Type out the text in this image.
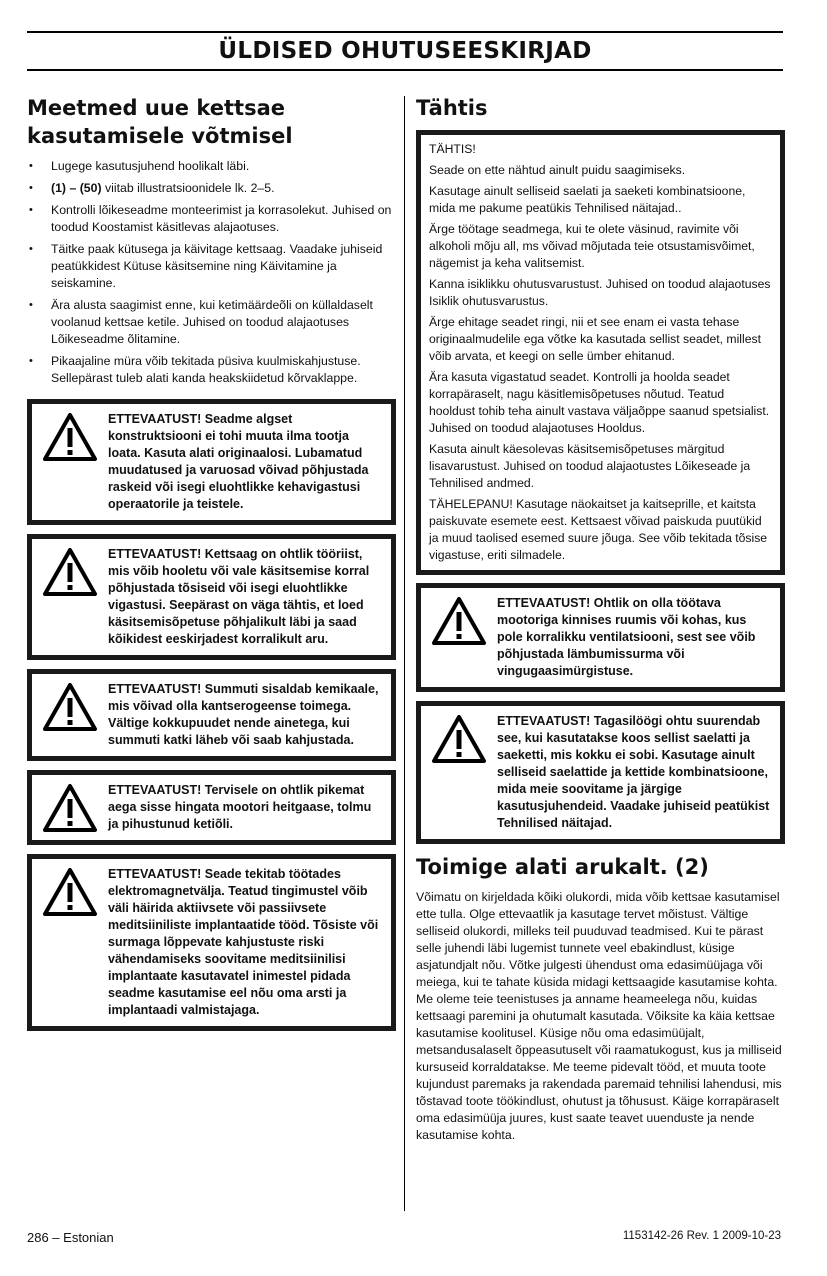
ÜLDISED OHUTUSEESKIRJAD
Meetmed uue kettsae kasutamisele võtmisel
• Lugege kasutusjuhend hoolikalt läbi.
• (1) – (50) viitab illustratsioonidele lk. 2–5.
• Kontrolli lõikeseadme monteerimist ja korrasolekut. Juhised on toodud Koostamist käsitlevas alajaotuses.
• Täitke paak kütusega ja käivitage kettsaag. Vaadake juhiseid peatükkidest Kütuse käsitsemine ning Käivitamine ja seiskamine.
• Ära alusta saagimist enne, kui ketimäärdeõli on küllaldaselt voolanud kettsae ketile. Juhised on toodud alajaotuses Lõikeseadme õlitamine.
• Pikaajaline müra võib tekitada püsiva kuulmiskahjustuse. Sellepärast tuleb alati kanda heakskiidetud kõrvaklappe.
ETTEVAATUST! Seadme algset konstruktsiooni ei tohi muuta ilma tootja loata. Kasuta alati originaalosi. Lubamatud muudatused ja varuosad võivad põhjustada raskeid või isegi eluohtlikke kehavigastusi operaatorile ja teistele.
ETTEVAATUST! Kettsaag on ohtlik tööriist, mis võib hooletu või vale käsitsemise korral põhjustada tõsiseid või isegi eluohtlikke vigastusi. Seepärast on väga tähtis, et loed käsitsemisõpetuse põhjalikult läbi ja saad kõikidest eeskirjadest korralikult aru.
ETTEVAATUST! Summuti sisaldab kemikaale, mis võivad olla kantserogeense toimega. Vältige kokkupuudet nende ainetega, kui summuti katki läheb või saab kahjustada.
ETTEVAATUST! Tervisele on ohtlik pikemat aega sisse hingata mootori heitgaase, tolmu ja pihustunud ketiõli.
ETTEVAATUST! Seade tekitab töötades elektromagnetvälja. Teatud tingimustel võib väli häirida aktiivsete või passiivsete meditsiiniliste implantaatide tööd. Tõsiste või surmaga lõppevate kahjustuste riski vähendamiseks soovitame meditsiinilisi implantaate kasutavatel inimestel pidada seadme kasutamise eel nõu oma arsti ja implantaadi valmistajaga.
Tähtis

TÄHTIS!

Seade on ette nähtud ainult puidu saagimiseks.

Kasutage ainult selliseid saelati ja saeketi kombinatsioone, mida me pakume peatükis Tehnilised näitajad..

Ärge töötage seadmega, kui te olete väsinud, ravimite või alkoholi mõju all, ms võivad mõjutada teie otsustamisvõimet, nägemist ja keha valitsemist.

Kanna isiklikku ohutusvarustust. Juhised on toodud alajaotuses Isiklik ohutusvarustus.

Ärge ehitage seadet ringi, nii et see enam ei vasta tehase originaalmudelile ega võtke ka kasutada sellist seadet, millest võib arvata, et keegi on selle ümber ehitanud.

Ära kasuta vigastatud seadet. Kontrolli ja hoolda seadet korrapäraselt, nagu käsitlemisõpetuses nõutud. Teatud hooldust tohib teha ainult vastava väljaõppe saanud spetsialist. Juhised on toodud alajaotuses Hooldus.

Kasuta ainult käesolevas käsitsemisõpetuses märgitud lisavarustust. Juhised on toodud alajaotustes Lõikeseade ja Tehnilised andmed.

TÄHELEPANU! Kasutage näokaitset ja kaitseprille, et kaitsta paiskuvate esemete eest. Kettsaest võivad paiskuda puutükid ja muud taolised esemed suure jõuga. See võib tekitada tõsise vigastuse, eriti silmadele.

ETTEVAATUST! Ohtlik on olla töötava mootoriga kinnises ruumis või kohas, kus pole korralikku ventilatsiooni, sest see võib põhjustada lämbumissurma või vingugaasimürgistuse.
ETTEVAATUST! Tagasilöögi ohtu suurendab see, kui kasutatakse koos sellist saelatti ja saeketti, mis kokku ei sobi. Kasutage ainult selliseid saelattide ja kettide kombinatsioone, mida meie soovitame ja järgige kasutusjuhendeid. Vaadake juhiseid peatükist Tehnilised näitajad.
Toimige alati arukalt. (2)

Võimatu on kirjeldada kõiki olukordi, mida võib kettsae kasutamisel ette tulla. Olge ettevaatlik ja kasutage tervet mõistust. Vältige selliseid olukordi, milleks teil puuduvad teadmised. Kui te pärast selle juhendi läbi lugemist tunnete veel ebakindlust, küsige asjatundjalt nõu. Võtke julgesti ühendust oma edasimüüjaga või meiega, kui te tahate küsida midagi kettsaagide kasutamise kohta. Me oleme teie teenistuses ja anname heameelega nõu, kuidas kettsaagi paremini ja ohutumalt kasutada. Võiksite ka käia kettsae kasutamise koolitusel. Küsige nõu oma edasimüüjalt, metsandusalaselt õppeasutuselt või raamatukogust, kus ja milliseid kursuseid korraldatakse. Me teeme pidevalt tööd, et muuta toote kujundust paremaks ja rakendada paremaid tehnilisi lahendusi, mis tõstavad toote töökindlust, ohutust ja tõhusust. Käige korrapäraselt oma edasimüüja juures, kust saate teavet uuenduste ja nende kasutamise kohta.

286 – Estonian	1153142-26 Rev. 1 2009-10-23
